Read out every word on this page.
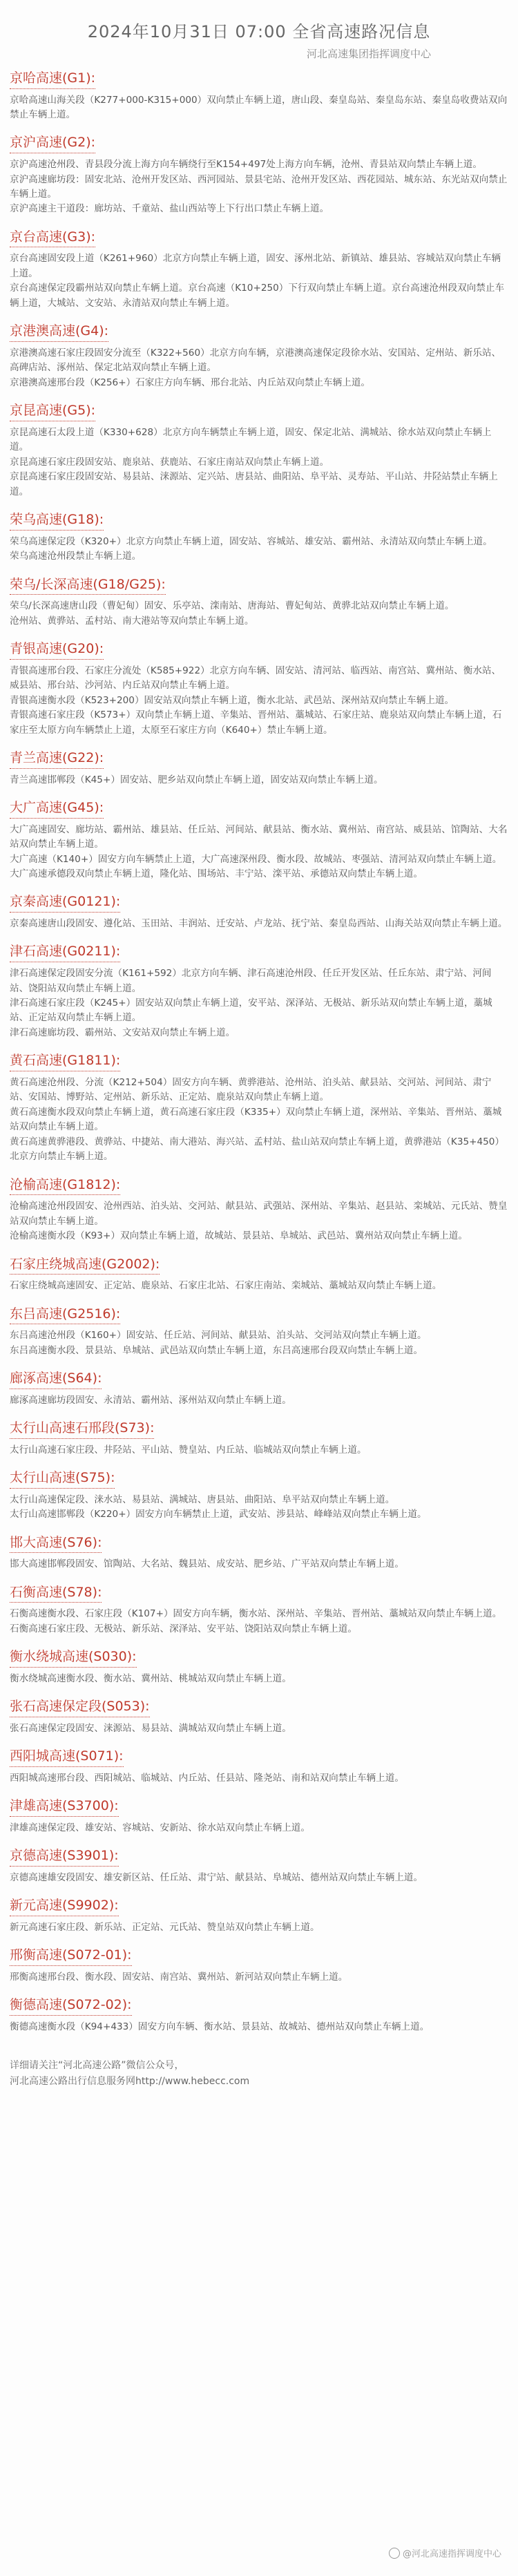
2024年10月31日 07:00 全省高速路况信息
河北高速集团指挥调度中心
京哈高速(G1):

京哈高速山海关段（K277+000-K315+000）双向禁止车辆上道，唐山段、秦皇岛站、秦皇岛东站、秦皇岛收费站双向禁止车辆上道。

京沪高速(G2):

京沪高速沧州段、青县段分流上海方向车辆绕行至K154+497处上海方向车辆，沧州、青县站双向禁止车辆上道。

京沪高速廊坊段：固安北站、沧州开发区站、西河园站、景县宅站、沧州开发区站、西花园站、城东站、东光站双向禁止车辆上道。

京沪高速主干道段：廊坊站、千童站、盐山西站等上下行出口禁止车辆上道。

京台高速(G3):

京台高速固安段上道（K261+960）北京方向禁止车辆上道，固安、涿州北站、新镇站、雄县站、容城站双向禁止车辆上道。

京台高速保定段霸州站双向禁止车辆上道。京台高速（K10+250）下行双向禁止车辆上道。京台高速沧州段双向禁止车辆上道，大城站、文安站、永清站双向禁止车辆上道。

京港澳高速(G4):

京港澳高速石家庄段固安分流至（K322+560）北京方向车辆，京港澳高速保定段徐水站、安国站、定州站、新乐站、高碑店站、涿州站、保定北站双向禁止车辆上道。

京港澳高速邢台段（K256+）石家庄方向车辆、邢台北站、内丘站双向禁止车辆上道。

京昆高速(G5):

京昆高速石太段上道（K330+628）北京方向车辆禁止车辆上道，固安、保定北站、满城站、徐水站双向禁止车辆上道。

京昆高速石家庄段固安站、鹿泉站、获鹿站、石家庄南站双向禁止车辆上道。

京昆高速石家庄段固安站、易县站、涞源站、定兴站、唐县站、曲阳站、阜平站、灵寿站、平山站、井陉站禁止车辆上道。

荣乌高速(G18):

荣乌高速保定段（K320+）北京方向禁止车辆上道，固安站、容城站、雄安站、霸州站、永清站双向禁止车辆上道。

荣乌高速沧州段禁止车辆上道。

荣乌/长深高速(G18/G25):

荣乌/长深高速唐山段（曹妃甸）固安、乐亭站、滦南站、唐海站、曹妃甸站、黄骅北站双向禁止车辆上道。

沧州站、黄骅站、孟村站、南大港站等双向禁止车辆上道。

青银高速(G20):

青银高速邢台段、石家庄分流处（K585+922）北京方向车辆、固安站、清河站、临西站、南宫站、冀州站、衡水站、威县站、邢台站、沙河站、内丘站双向禁止车辆上道。

青银高速衡水段（K523+200）固安站双向禁止车辆上道，衡水北站、武邑站、深州站双向禁止车辆上道。

青银高速石家庄段（K573+）双向禁止车辆上道、辛集站、晋州站、藁城站、石家庄站、鹿泉站双向禁止车辆上道，石家庄至太原方向车辆禁止上道，太原至石家庄方向（K640+）禁止车辆上道。

青兰高速(G22):

青兰高速邯郸段（K45+）固安站、肥乡站双向禁止车辆上道，固安站双向禁止车辆上道。

大广高速(G45):

大广高速固安、廊坊站、霸州站、雄县站、任丘站、河间站、献县站、衡水站、冀州站、南宫站、威县站、馆陶站、大名站双向禁止车辆上道。

大广高速（K140+）固安方向车辆禁止上道，大广高速深州段、衡水段、故城站、枣强站、清河站双向禁止车辆上道。

大广高速承德段双向禁止车辆上道，隆化站、围场站、丰宁站、滦平站、承德站双向禁止车辆上道。

京秦高速(G0121):

京秦高速唐山段固安、遵化站、玉田站、丰润站、迁安站、卢龙站、抚宁站、秦皇岛西站、山海关站双向禁止车辆上道。

津石高速(G0211):

津石高速保定段固安分流（K161+592）北京方向车辆、津石高速沧州段、任丘开发区站、任丘东站、肃宁站、河间站、饶阳站双向禁止车辆上道。

津石高速石家庄段（K245+）固安站双向禁止车辆上道，安平站、深泽站、无极站、新乐站双向禁止车辆上道，藁城站、正定站双向禁止车辆上道。

津石高速廊坊段、霸州站、文安站双向禁止车辆上道。

黄石高速(G1811):

黄石高速沧州段、分流（K212+504）固安方向车辆、黄骅港站、沧州站、泊头站、献县站、交河站、河间站、肃宁站、安国站、博野站、定州站、新乐站、正定站、鹿泉站双向禁止车辆上道。

黄石高速衡水段双向禁止车辆上道，黄石高速石家庄段（K335+）双向禁止车辆上道，深州站、辛集站、晋州站、藁城站双向禁止车辆上道。

黄石高速黄骅港段、黄骅站、中捷站、南大港站、海兴站、孟村站、盐山站双向禁止车辆上道，黄骅港站（K35+450）北京方向禁止车辆上道。

沧榆高速(G1812):

沧榆高速沧州段固安、沧州西站、泊头站、交河站、献县站、武强站、深州站、辛集站、赵县站、栾城站、元氏站、赞皇站双向禁止车辆上道。

沧榆高速衡水段（K93+）双向禁止车辆上道，故城站、景县站、阜城站、武邑站、冀州站双向禁止车辆上道。

石家庄绕城高速(G2002):

石家庄绕城高速固安、正定站、鹿泉站、石家庄北站、石家庄南站、栾城站、藁城站双向禁止车辆上道。

东吕高速(G2516):

东吕高速沧州段（K160+）固安站、任丘站、河间站、献县站、泊头站、交河站双向禁止车辆上道。

东吕高速衡水段、景县站、阜城站、武邑站双向禁止车辆上道，东吕高速邢台段双向禁止车辆上道。

廊涿高速(S64):

廊涿高速廊坊段固安、永清站、霸州站、涿州站双向禁止车辆上道。

太行山高速石邢段(S73):

太行山高速石家庄段、井陉站、平山站、赞皇站、内丘站、临城站双向禁止车辆上道。

太行山高速(S75):

太行山高速保定段、涞水站、易县站、满城站、唐县站、曲阳站、阜平站双向禁止车辆上道。

太行山高速邯郸段（K220+）固安方向车辆禁止上道，武安站、涉县站、峰峰站双向禁止车辆上道。

邯大高速(S76):

邯大高速邯郸段固安、馆陶站、大名站、魏县站、成安站、肥乡站、广平站双向禁止车辆上道。

石衡高速(S78):

石衡高速衡水段、石家庄段（K107+）固安方向车辆，衡水站、深州站、辛集站、晋州站、藁城站双向禁止车辆上道。

石衡高速石家庄段、无极站、新乐站、深泽站、安平站、饶阳站双向禁止车辆上道。

衡水绕城高速(S030):

衡水绕城高速衡水段、衡水站、冀州站、桃城站双向禁止车辆上道。

张石高速保定段(S053):

张石高速保定段固安、涞源站、易县站、满城站双向禁止车辆上道。

西阳城高速(S071):

西阳城高速邢台段、西阳城站、临城站、内丘站、任县站、隆尧站、南和站双向禁止车辆上道。

津雄高速(S3700):

津雄高速保定段、雄安站、容城站、安新站、徐水站双向禁止车辆上道。

京德高速(S3901):

京德高速雄安段固安、雄安新区站、任丘站、肃宁站、献县站、阜城站、德州站双向禁止车辆上道。

新元高速(S9902):

新元高速石家庄段、新乐站、正定站、元氏站、赞皇站双向禁止车辆上道。

邢衡高速(S072-01):

邢衡高速邢台段、衡水段、固安站、南宫站、冀州站、新河站双向禁止车辆上道。

衡德高速(S072-02):

衡德高速衡水段（K94+433）固安方向车辆、衡水站、景县站、故城站、德州站双向禁止车辆上道。

详细请关注“河北高速公路”微信公众号，

河北高速公路出行信息服务网http://www.hebecc.com

@河北高速指挥调度中心
